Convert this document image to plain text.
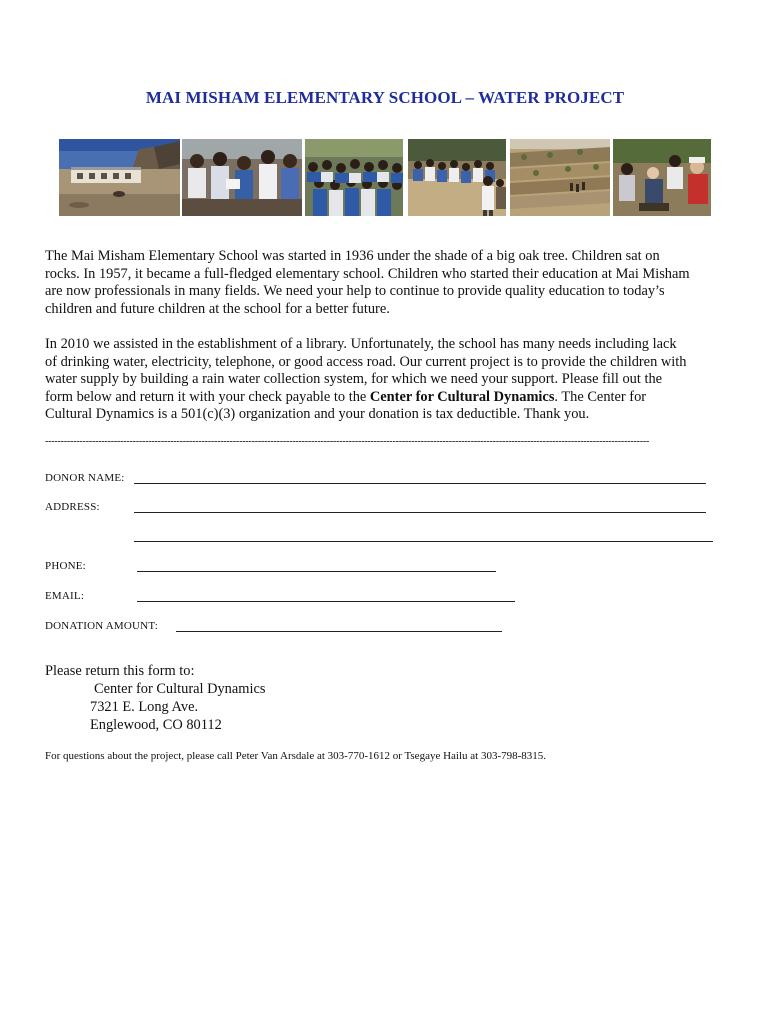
MAI MISHAM ELEMENTARY SCHOOL – WATER PROJECT
The Mai Misham Elementary School was started in 1936 under the shade of a big oak tree. Children sat on
rocks. In 1957, it became a full-fledged elementary school. Children who started their education at Mai Misham
are now professionals in many fields. We need your help to continue to provide quality education to today’s
children and future children at the school for a better future.
In 2010 we assisted in the establishment of a library. Unfortunately, the school has many needs including lack
of drinking water, electricity, telephone, or good access road. Our current project is to provide the children with
water supply by building a rain water collection system, for which we need your support. Please fill out the
form below and return it with your check payable to the Center for Cultural Dynamics. The Center for
Cultural Dynamics is a 501(c)(3) organization and your donation is tax deductible. Thank you.
-------------------------------------------------------------------------------------------------------------------------------------------------------------------------------------------------
DONOR NAME:
ADDRESS:
PHONE:
EMAIL:
DONATION AMOUNT:
Please return this form to:
Center for Cultural Dynamics
7321 E. Long Ave.
Englewood, CO 80112
For questions about the project, please call Peter Van Arsdale at 303-770-1612 or Tsegaye Hailu at 303-798-8315.
